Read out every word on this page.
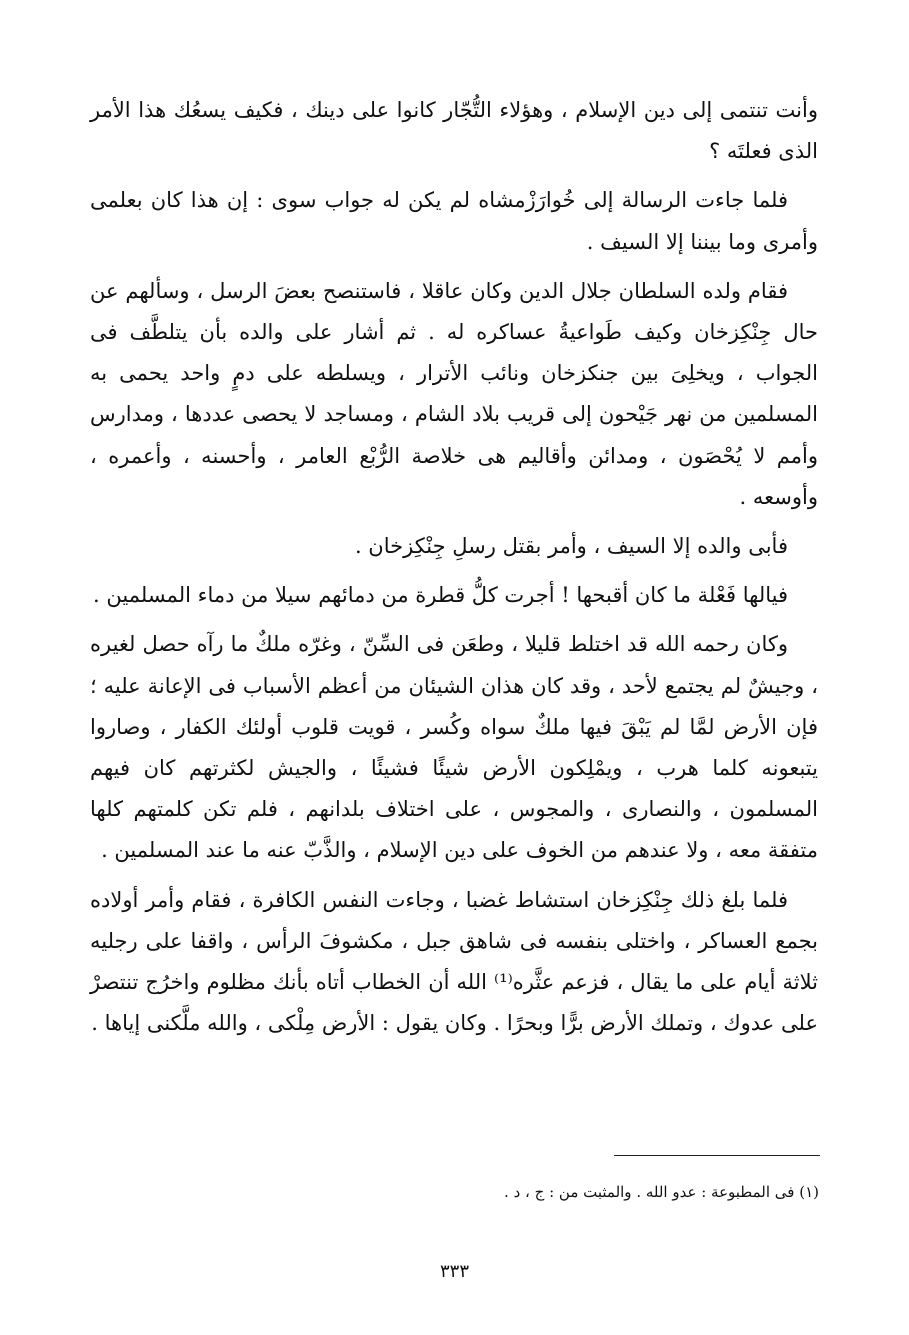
وأنت تنتمى إلى دين الإسلام ، وهؤلاء التُّجّار كانوا على دينك ، فكيف يسعُك هذا الأمر الذى فعلتَه ؟

فلما جاءت الرسالة إلى خُوارَزْمشاه لم يكن له جواب سوى : إن هذا كان بعلمى وأمرى وما بيننا إلا السيف .

فقام ولده السلطان جلال الدين وكان عاقلا ، فاستنصح بعضَ الرسل ، وسألهم عن حال جِنْكِزخان وكيف طَواعيةُ عساكره له . ثم أشار على والده بأن يتلطَّف فى الجواب ، ويخلِىَ بين جنكزخان ونائب الأترار ، ويسلطه على دمٍ واحد يحمى به المسلمين من نهر جَيْحون إلى قريب بلاد الشام ، ومساجد لا يحصى عددها ، ومدارس وأمم لا يُحْصَون ، ومدائن وأقاليم هى خلاصة الرُّبْع العامر ، وأحسنه ، وأعمره ، وأوسعه .

فأبى والده إلا السيف ، وأمر بقتل رسلِ جِنْكِزخان .

فيالها فَعْلة ما كان أقبحها ! أجرت كلُّ قطرة من دمائهم سيلا من دماء المسلمين .

وكان رحمه الله قد اختلط قليلا ، وطعَن فى السِّنّ ، وغرّه ملكٌ ما رآه حصل لغيره ، وجيشٌ لم يجتمع لأحد ، وقد كان هذان الشيئان من أعظم الأسباب فى الإعانة عليه ؛ فإن الأرض لمَّا لم يَبْقَ فيها ملكٌ سواه وكُسر ، قويت قلوب أولئك الكفار ، وصاروا يتبعونه كلما هرب ، ويمْلِكون الأرض شيئًا فشيئًا ، والجيش لكثرتهم كان فيهم المسلمون ، والنصارى ، والمجوس ، على اختلاف بلدانهم ، فلم تكن كلمتهم كلها متفقة معه ، ولا عندهم من الخوف على دين الإسلام ، والذَّبّ عنه ما عند المسلمين .

فلما بلغ ذلك جِنْكِزخان استشاط غضبا ، وجاءت النفس الكافرة ، فقام وأمر أولاده بجمع العساكر ، واختلى بنفسه فى شاهق جبل ، مكشوفَ الرأس ، واقفا على رجليه ثلاثة أيام على ما يقال ، فزعم عثَّره⁽¹⁾ الله أن الخطاب أتاه بأنك مظلوم واخرُج تنتصرْ على عدوك ، وتملك الأرض برًّا وبحرًا . وكان يقول : الأرض مِلْكى ، والله ملَّكنى إياها .

(١) فى المطبوعة : عدو الله . والمثبت من : ج ، د .
٣٣٣
